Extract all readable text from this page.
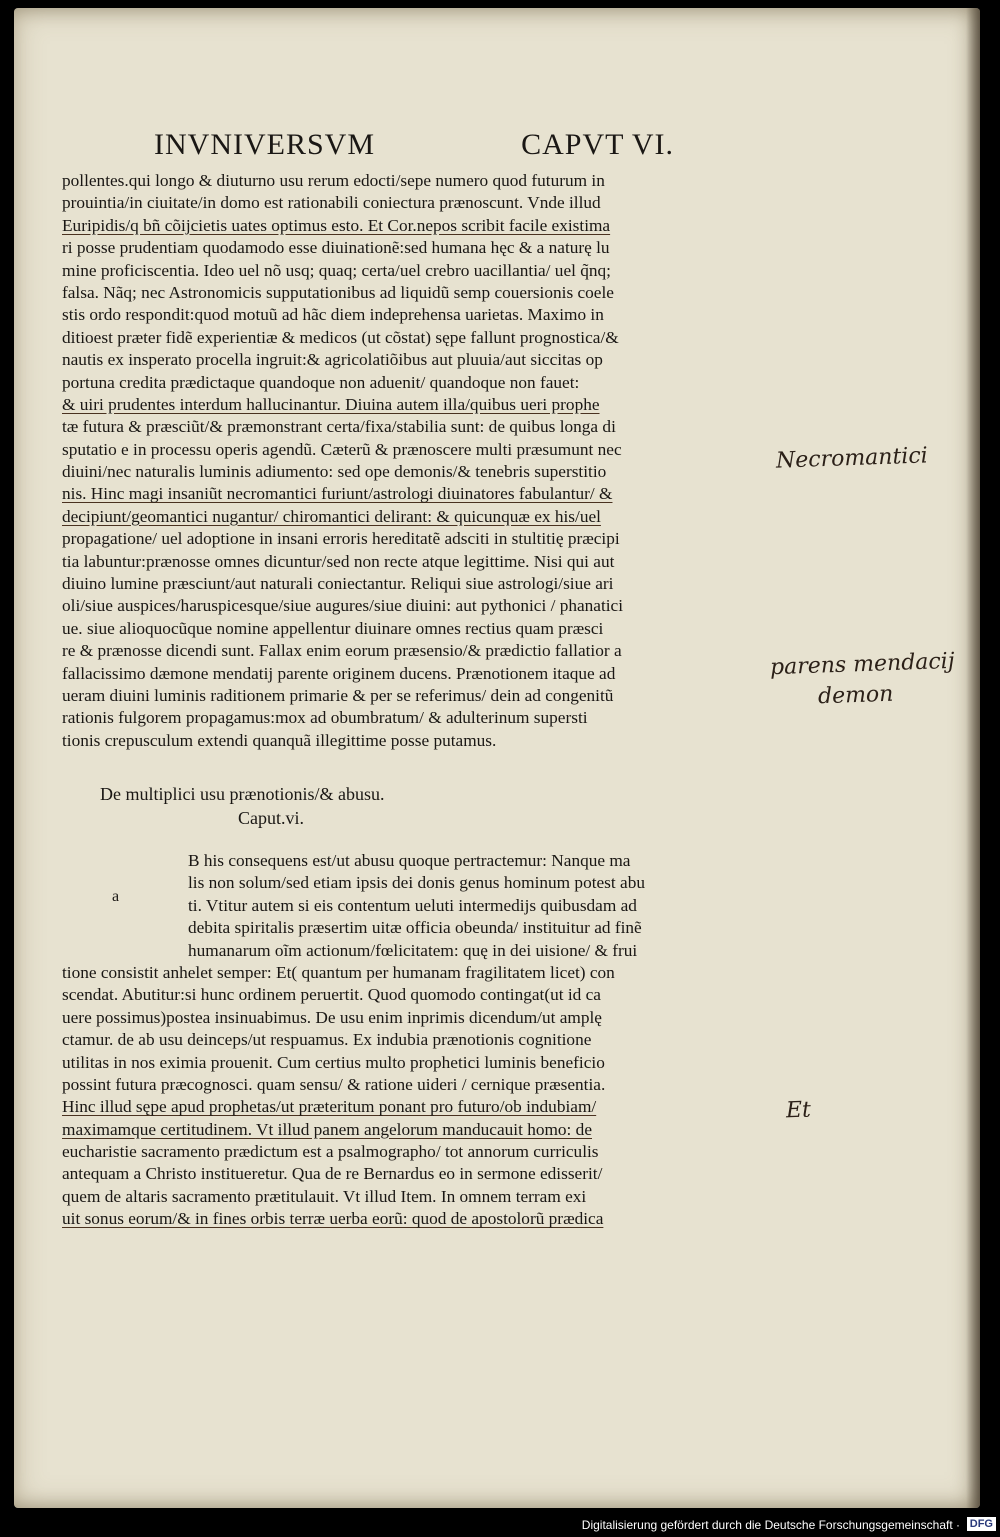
INVNIVERSVM	CAPVT VI.
pollentes.qui longo & diuturno usu rerum edocti/sepe numero quod futurum in
prouintia/in ciuitate/in domo est rationabili coniectura prænoscunt. Vnde illud
Euripidis/q bñ cõijcietis uates optimus esto. Et Cor.nepos scribit facile existima
ri posse prudentiam quodamodo esse diuinationẽ:sed humana hęc & a naturę lu
mine proficiscentia. Ideo uel nõ usq; quaq; certa/uel crebro uacillantia/ uel q̃nq;
falsa. Nãq; nec Astronomicis supputationibus ad liquidũ semp couersionis coele
stis ordo respondit:quod motuũ ad hãc diem indeprehensa uarietas. Maximo in
ditioest præter fidẽ experientiæ & medicos (ut cõstat) sępe fallunt prognostica/&
nautis ex insperato procella ingruit:& agricolatiõibus aut pluuia/aut siccitas op
portuna credita prædictaque quandoque non aduenit/ quandoque non fauet:
& uiri prudentes interdum hallucinantur. Diuina autem illa/quibus ueri prophe
tæ futura & præsciũt/& præmonstrant certa/fixa/stabilia sunt: de quibus longa di
sputatio e in processu operis agendũ. Cæterũ & prænoscere multi præsumunt nec
diuini/nec naturalis luminis adiumento: sed ope demonis/& tenebris superstitio
nis. Hinc magi insaniũt necromantici furiunt/astrologi diuinatores fabulantur/ &
decipiunt/geomantici nugantur/ chiromantici delirant: & quicunquæ ex his/uel
propagatione/ uel adoptione in insani erroris hereditatẽ adsciti in stultitię præcipi
tia labuntur:prænosse omnes dicuntur/sed non recte atque legittime. Nisi qui aut
diuino lumine præsciunt/aut naturali coniectantur. Reliqui siue astrologi/siue ari
oli/siue auspices/haruspicesque/siue augures/siue diuini: aut pythonici / phanatici
ue. siue alioquocũque nomine appellentur diuinare omnes rectius quam præsci
re & prænosse dicendi sunt. Fallax enim eorum præsensio/& prædictio fallatior a
fallacissimo dæmone mendatij parente originem ducens. Prænotionem itaque ad
ueram diuini luminis raditionem primarie & per se referimus/ dein ad congenitũ
rationis fulgorem propagamus:mox ad obumbratum/ & adulterinum supersti
tionis crepusculum extendi quanquã illegittime posse putamus.
De multiplici usu prænotionis/& abusu.
Caput.vi.
a
B his consequens est/ut abusu quoque pertractemur: Nanque ma
lis non solum/sed etiam ipsis dei donis genus hominum potest abu
ti. Vtitur autem si eis contentum ueluti intermedijs quibusdam ad
debita spiritalis præsertim uitæ officia obeunda/ instituitur ad finẽ
humanarum oĩm actionum/fœlicitatem: quę in dei uisione/ & frui
tione consistit anhelet semper: Et( quantum per humanam fragilitatem licet) con
scendat. Abutitur:si hunc ordinem peruertit. Quod quomodo contingat(ut id ca
uere possimus)postea insinuabimus. De usu enim inprimis dicendum/ut amplę
ctamur. de ab usu deinceps/ut respuamus. Ex indubia prænotionis cognitione
utilitas in nos eximia prouenit. Cum certius multo prophetici luminis beneficio
possint futura præcognosci. quam sensu/ & ratione uideri / cernique præsentia.
Hinc illud sępe apud prophetas/ut præteritum ponant pro futuro/ob indubiam/
maximamque certitudinem. Vt illud panem angelorum manducauit homo: de
eucharistie sacramento prædictum est a psalmographo/ tot annorum curriculis
antequam a Christo institueretur. Qua de re Bernardus eo in sermone edisserit/
quem de altaris sacramento prætitulauit. Vt illud Item. In omnem terram exi
uit sonus eorum/& in fines orbis terræ uerba eorũ: quod de apostolorũ prædica
Necromantici
parens mendacij
demon
Et
Digitalisierung gefördert durch die Deutsche Forschungsgemeinschaft · DFG
